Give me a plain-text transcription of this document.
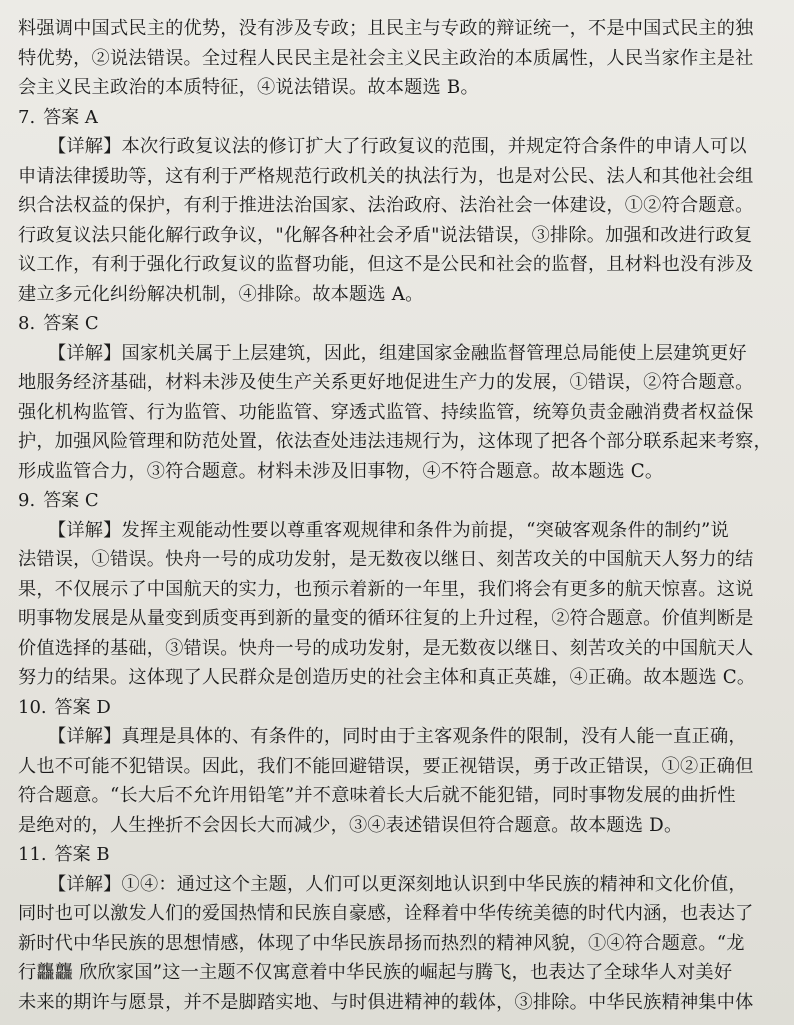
料强调中国式民主的优势，没有涉及专政；且民主与专政的辩证统一，不是中国式民主的独
特优势，②说法错误。全过程人民民主是社会主义民主政治的本质属性，人民当家作主是社
会主义民主政治的本质特征，④说法错误。故本题选 B。
7. 答案 A
【详解】本次行政复议法的修订扩大了行政复议的范围，并规定符合条件的申请人可以
申请法律援助等，这有利于严格规范行政机关的执法行为，也是对公民、法人和其他社会组
织合法权益的保护，有利于推进法治国家、法治政府、法治社会一体建设，①②符合题意。
行政复议法只能化解行政争议，"化解各种社会矛盾"说法错误，③排除。加强和改进行政复
议工作，有利于强化行政复议的监督功能，但这不是公民和社会的监督，且材料也没有涉及
建立多元化纠纷解决机制，④排除。故本题选 A。
8. 答案 C
【详解】国家机关属于上层建筑，因此，组建国家金融监督管理总局能使上层建筑更好
地服务经济基础，材料未涉及使生产关系更好地促进生产力的发展，①错误，②符合题意。
强化机构监管、行为监管、功能监管、穿透式监管、持续监管，统筹负责金融消费者权益保
护，加强风险管理和防范处置，依法查处违法违规行为，这体现了把各个部分联系起来考察，
形成监管合力，③符合题意。材料未涉及旧事物，④不符合题意。故本题选 C。
9. 答案 C
【详解】发挥主观能动性要以尊重客观规律和条件为前提，“突破客观条件的制约”说
法错误，①错误。快舟一号的成功发射，是无数夜以继日、刻苦攻关的中国航天人努力的结
果，不仅展示了中国航天的实力，也预示着新的一年里，我们将会有更多的航天惊喜。这说
明事物发展是从量变到质变再到新的量变的循环往复的上升过程，②符合题意。价值判断是
价值选择的基础，③错误。快舟一号的成功发射，是无数夜以继日、刻苦攻关的中国航天人
努力的结果。这体现了人民群众是创造历史的社会主体和真正英雄，④正确。故本题选 C。
10. 答案 D
【详解】真理是具体的、有条件的，同时由于主客观条件的限制，没有人能一直正确，
人也不可能不犯错误。因此，我们不能回避错误，要正视错误，勇于改正错误，①②正确但
符合题意。“长大后不允许用铅笔”并不意味着长大后就不能犯错，同时事物发展的曲折性
是绝对的，人生挫折不会因长大而减少，③④表述错误但符合题意。故本题选 D。
11. 答案 B
【详解】①④：通过这个主题，人们可以更深刻地认识到中华民族的精神和文化价值，
同时也可以激发人们的爱国热情和民族自豪感，诠释着中华传统美德的时代内涵，也表达了
新时代中华民族的思想情感，体现了中华民族昂扬而热烈的精神风貌，①④符合题意。“龙
行龘龘 欣欣家国”这一主题不仅寓意着中华民族的崛起与腾飞，也表达了全球华人对美好
未来的期许与愿景，并不是脚踏实地、与时俱进精神的载体，③排除。中华民族精神集中体
